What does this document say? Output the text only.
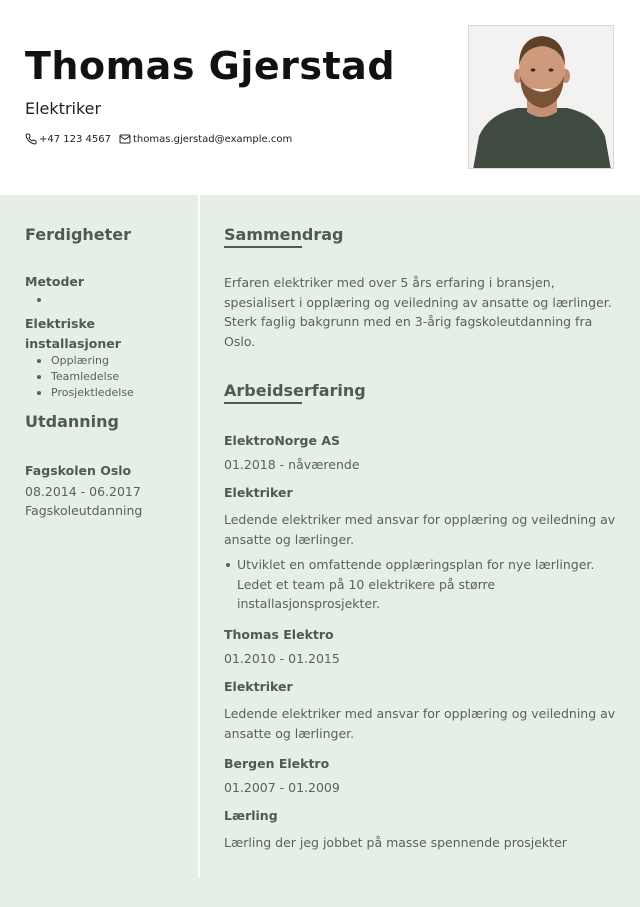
Thomas Gjerstad
Elektriker
+47 123 4567 thomas.gjerstad@example.com
Ferdigheter
Metoder
Elektriske installasjoner
Opplæring
Teamledelse
Prosjektledelse
Utdanning
Fagskolen Oslo
08.2014 - 06.2017
Fagskoleutdanning
Sammendrag
Erfaren elektriker med over 5 års erfaring i bransjen, spesialisert i opplæring og veiledning av ansatte og lærlinger. Sterk faglig bakgrunn med en 3-årig fagskoleutdanning fra Oslo.
Arbeidserfaring
ElektroNorge AS
01.2018 - nåværende
Elektriker
Ledende elektriker med ansvar for opplæring og veiledning av ansatte og lærlinger.
Utviklet en omfattende opplæringsplan for nye lærlinger. Ledet et team på 10 elektrikere på større installasjonsprosjekter.
Thomas Elektro
01.2010 - 01.2015
Elektriker
Ledende elektriker med ansvar for opplæring og veiledning av ansatte og lærlinger.
Bergen Elektro
01.2007 - 01.2009
Lærling
Lærling der jeg jobbet på masse spennende prosjekter
